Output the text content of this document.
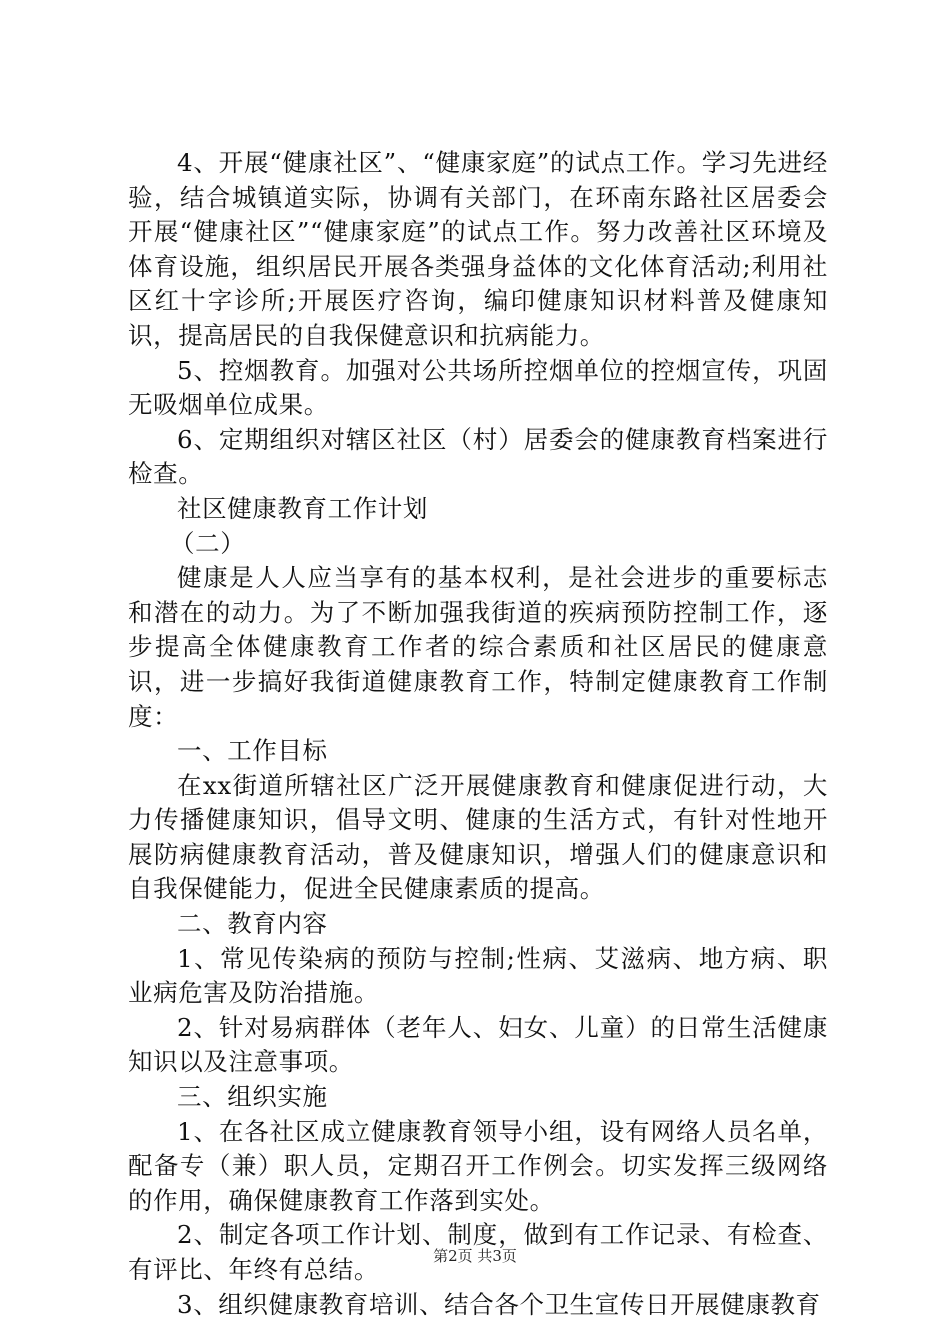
4、开展“健康社区”、“健康家庭”的试点工作。学习先进经验，结合城镇道实际，协调有关部门，在环南东路社区居委会开展“健康社区”“健康家庭”的试点工作。努力改善社区环境及体育设施，组织居民开展各类强身益体的文化体育活动;利用社区红十字诊所;开展医疗咨询，编印健康知识材料普及健康知识，提高居民的自我保健意识和抗病能力。

5、控烟教育。加强对公共场所控烟单位的控烟宣传，巩固无吸烟单位成果。

6、定期组织对辖区社区（村）居委会的健康教育档案进行检查。

社区健康教育工作计划

（二）

健康是人人应当享有的基本权利，是社会进步的重要标志和潜在的动力。为了不断加强我街道的疾病预防控制工作，逐步提高全体健康教育工作者的综合素质和社区居民的健康意识，进一步搞好我街道健康教育工作，特制定健康教育工作制度：

一、工作目标

在xx街道所辖社区广泛开展健康教育和健康促进行动，大力传播健康知识，倡导文明、健康的生活方式，有针对性地开展防病健康教育活动，普及健康知识，增强人们的健康意识和自我保健能力，促进全民健康素质的提高。

二、教育内容

1、常见传染病的预防与控制;性病、艾滋病、地方病、职业病危害及防治措施。

2、针对易病群体（老年人、妇女、儿童）的日常生活健康知识以及注意事项。

三、组织实施

1、在各社区成立健康教育领导小组，设有网络人员名单，配备专（兼）职人员，定期召开工作例会。切实发挥三级网络的作用，确保健康教育工作落到实处。

2、制定各项工作计划、制度，做到有工作记录、有检查、有评比、年终有总结。

3、组织健康教育培训、结合各个卫生宣传日开展健康教育

第2页 共3页
